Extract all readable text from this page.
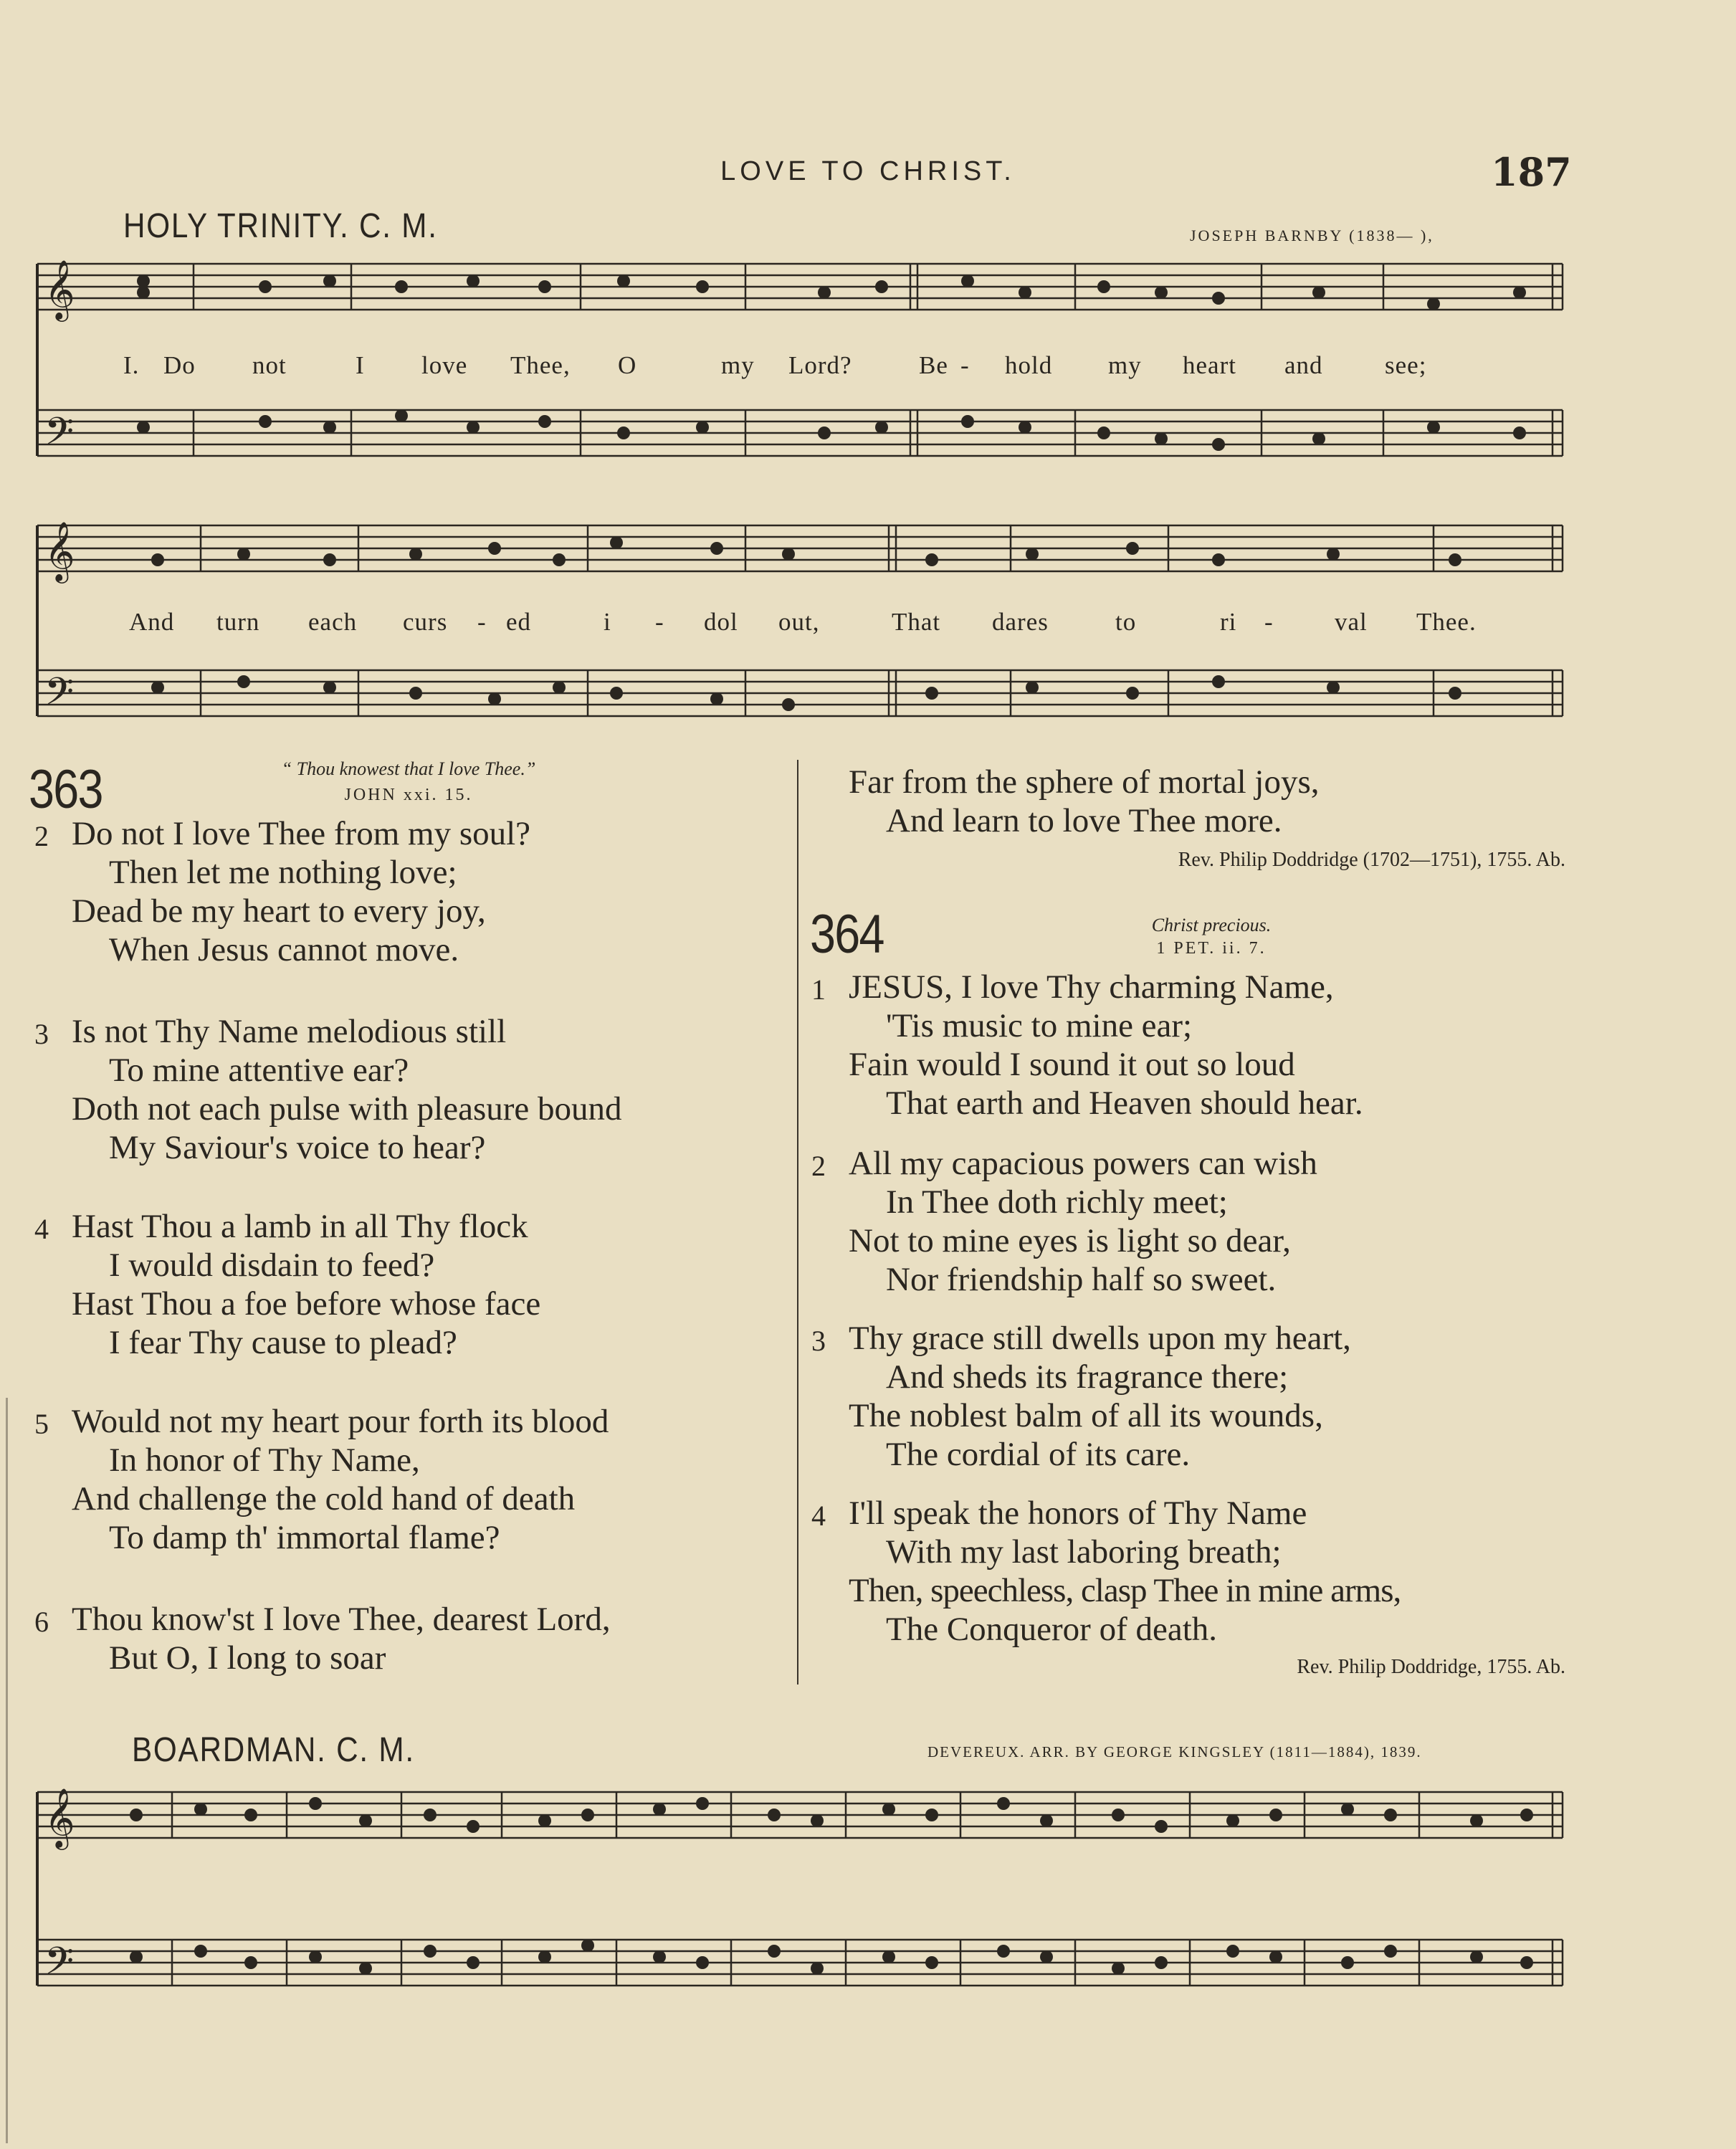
LOVE TO CHRIST.	187
HOLY TRINITY. C. M.	JOSEPH BARNBY (1838— ),
𝄞
𝄢
I. Do not	I love Thee, O	my Lord?	Be - hold my heart and see;
𝄞
𝄢
And turn each curs - ed	i - dol out,	That dares	to	ri - val Thee.
363	“ Thou knowest that I love Thee.”
JOHN xxi. 15.
2 Do not I love Thee from my soul?
Then let me nothing love;
Dead be my heart to every joy,
When Jesus cannot move.
3 Is not Thy Name melodious still
To mine attentive ear?
Doth not each pulse with pleasure bound
My Saviour's voice to hear?
4 Hast Thou a lamb in all Thy flock
I would disdain to feed?
Hast Thou a foe before whose face
I fear Thy cause to plead?
5 Would not my heart pour forth its blood
In honor of Thy Name,
And challenge the cold hand of death
To damp th' immortal flame?
6 Thou know'st I love Thee, dearest Lord,
But O, I long to soar
Far from the sphere of mortal joys,
And learn to love Thee more.
Rev. Philip Doddridge (1702—1751), 1755. Ab.
364	Christ precious.
1 PET. ii. 7.
1 JESUS, I love Thy charming Name,
'Tis music to mine ear;
Fain would I sound it out so loud
That earth and Heaven should hear.
2 All my capacious powers can wish
In Thee doth richly meet;
Not to mine eyes is light so dear,
Nor friendship half so sweet.
3 Thy grace still dwells upon my heart,
And sheds its fragrance there;
The noblest balm of all its wounds,
The cordial of its care.
4 I'll speak the honors of Thy Name
With my last laboring breath;
Then, speechless, clasp Thee in mine arms,
The Conqueror of death.
Rev. Philip Doddridge, 1755. Ab.
BOARDMAN. C. M.	DEVEREUX. ARR. BY GEORGE KINGSLEY (1811—1884), 1839.
𝄞
𝄢
